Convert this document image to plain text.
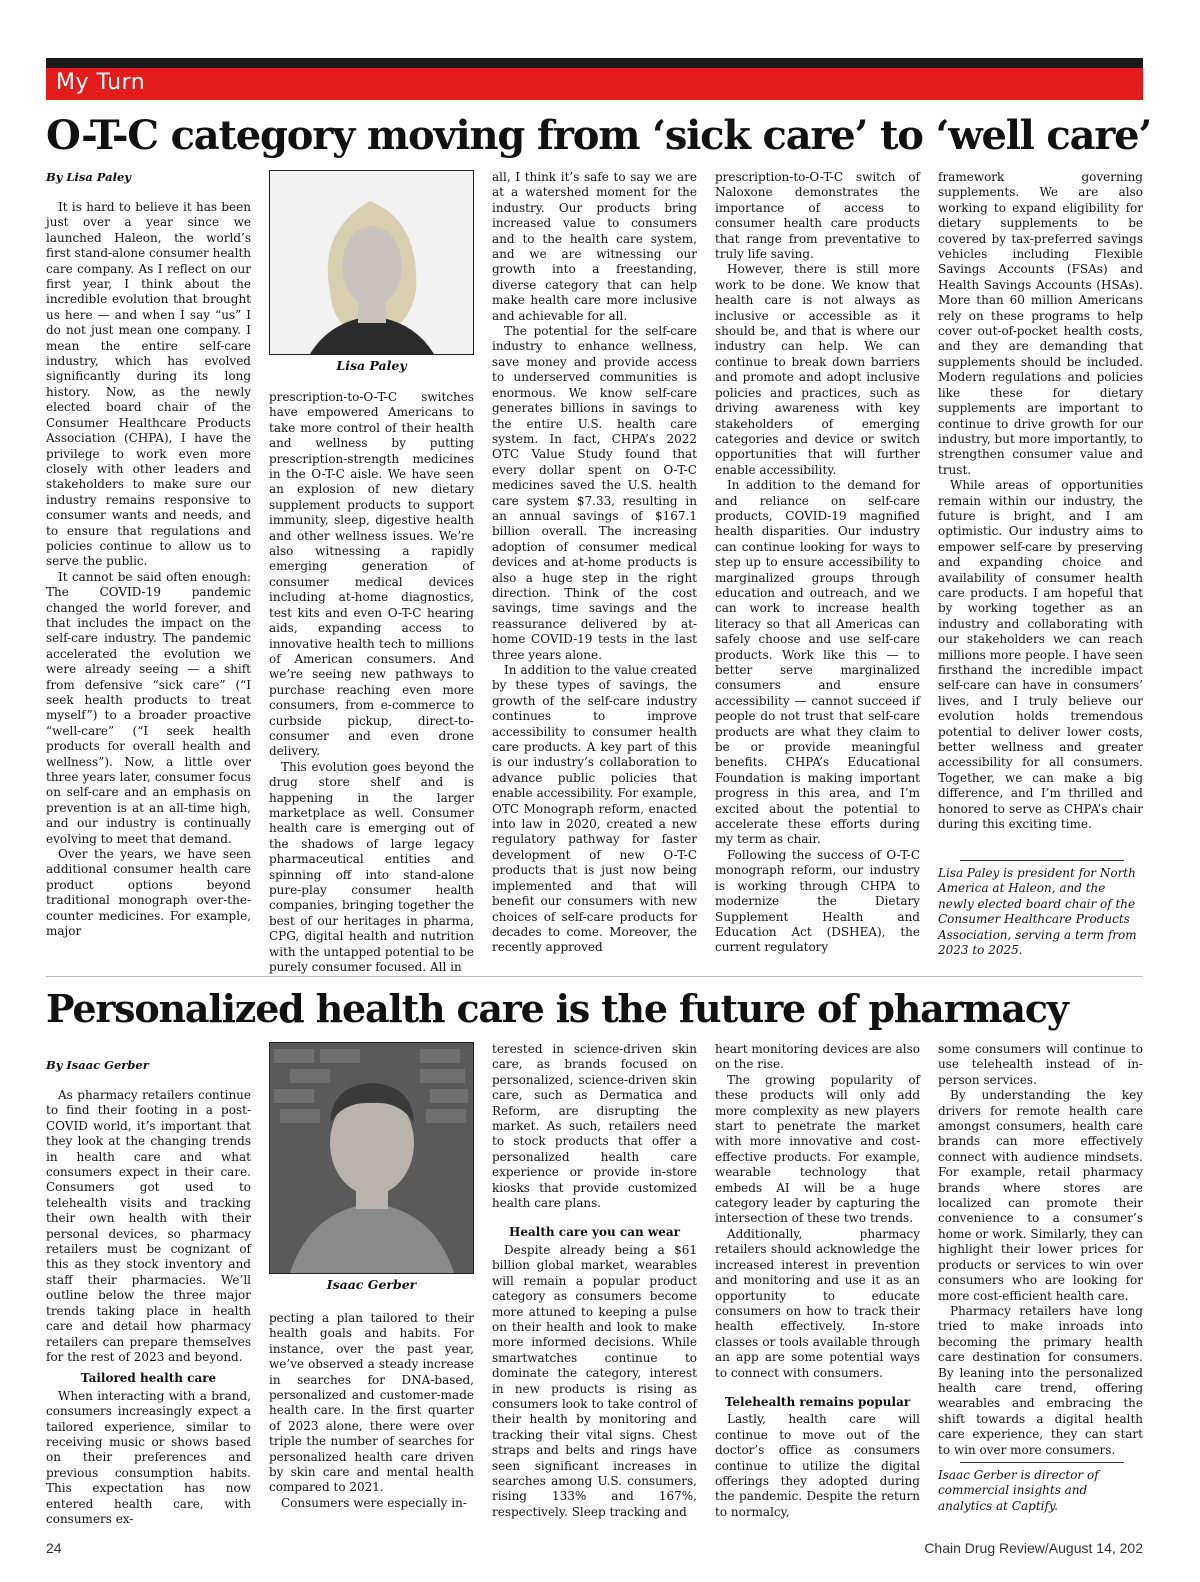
My Turn
O-T-C category moving from ‘sick care’ to ‘well care’
By Lisa Paley

It is hard to believe it has been just over a year since we launched Haleon, the world’s first stand-alone consumer health care company. As I reflect on our first year, I think about the incredible evolution that brought us here — and when I say “us” I do not just mean one company. I mean the entire self-care industry, which has evolved significantly during its long history. Now, as the newly elected board chair of the Consumer Healthcare Products Association (CHPA), I have the privilege to work even more closely with other leaders and stakeholders to make sure our industry remains responsive to consumer wants and needs, and to ensure that regulations and policies continue to allow us to serve the public.

It cannot be said often enough: The COVID-19 pandemic changed the world forever, and that includes the impact on the self-care industry. The pandemic accelerated the evolution we were already seeing — a shift from defensive “sick care” (“I seek health products to treat myself”) to a broader proactive “well-care” (“I seek health products for overall health and wellness”). Now, a little over three years later, consumer focus on self-care and an emphasis on prevention is at an all-time high, and our industry is continually evolving to meet that demand.

Over the years, we have seen additional consumer health care product options beyond traditional monograph over-the-counter medicines. For example, major

Lisa Paley

prescription-to-O-T-C switches have empowered Americans to take more control of their health and wellness by putting prescription-strength medicines in the O-T-C aisle. We have seen an explosion of new dietary supplement products to support immunity, sleep, digestive health and other wellness issues. We’re also witnessing a rapidly emerging generation of consumer medical devices including at-home diagnostics, test kits and even O-T-C hearing aids, expanding access to innovative health tech to millions of American consumers. And we’re seeing new pathways to purchase reaching even more consumers, from e-commerce to curbside pickup, direct-to-consumer and even drone delivery.

This evolution goes beyond the drug store shelf and is happening in the larger marketplace as well. Consumer health care is emerging out of the shadows of large legacy pharmaceutical entities and spinning off into stand-alone pure-play consumer health companies, bringing together the best of our heritages in pharma, CPG, digital health and nutrition with the untapped potential to be purely consumer focused. All in

all, I think it’s safe to say we are at a watershed moment for the industry. Our products bring increased value to consumers and to the health care system, and we are witnessing our growth into a freestanding, diverse category that can help make health care more inclusive and achievable for all.

The potential for the self-care industry to enhance wellness, save money and provide access to underserved communities is enormous. We know self-care generates billions in savings to the entire U.S. health care system. In fact, CHPA’s 2022 OTC Value Study found that every dollar spent on O-T-C medicines saved the U.S. health care system $7.33, resulting in an annual savings of $167.1 billion overall. The increasing adoption of consumer medical devices and at-home products is also a huge step in the right direction. Think of the cost savings, time savings and the reassurance delivered by at-home COVID-19 tests in the last three years alone.

In addition to the value created by these types of savings, the growth of the self-care industry continues to improve accessibility to consumer health care products. A key part of this is our industry’s collaboration to advance public policies that enable accessibility. For example, OTC Monograph reform, enacted into law in 2020, created a new regulatory pathway for faster development of new O-T-C products that is just now being implemented and that will benefit our consumers with new choices of self-care products for decades to come. Moreover, the recently approved

prescription-to-O-T-C switch of Naloxone demonstrates the importance of access to consumer health care products that range from preventative to truly life saving.

However, there is still more work to be done. We know that health care is not always as inclusive or accessible as it should be, and that is where our industry can help. We can continue to break down barriers and promote and adopt inclusive policies and practices, such as driving awareness with key stakeholders of emerging categories and device or switch opportunities that will further enable accessibility.

In addition to the demand for and reliance on self-care products, COVID-19 magnified health disparities. Our industry can continue looking for ways to step up to ensure accessibility to marginalized groups through education and outreach, and we can work to increase health literacy so that all Americas can safely choose and use self-care products. Work like this — to better serve marginalized consumers and ensure accessibility — cannot succeed if people do not trust that self-care products are what they claim to be or provide meaningful benefits. CHPA’s Educational Foundation is making important progress in this area, and I’m excited about the potential to accelerate these efforts during my term as chair.

Following the success of O-T-C monograph reform, our industry is working through CHPA to modernize the Dietary Supplement Health and Education Act (DSHEA), the current regulatory

framework governing supplements. We are also working to expand eligibility for dietary supplements to be covered by tax-preferred savings vehicles including Flexible Savings Accounts (FSAs) and Health Savings Accounts (HSAs). More than 60 million Americans rely on these programs to help cover out-of-pocket health costs, and they are demanding that supplements should be included. Modern regulations and policies like these for dietary supplements are important to continue to drive growth for our industry, but more importantly, to strengthen consumer value and trust.

While areas of opportunities remain within our industry, the future is bright, and I am optimistic. Our industry aims to empower self-care by preserving and expanding choice and availability of consumer health care products. I am hopeful that by working together as an industry and collaborating with our stakeholders we can reach millions more people. I have seen firsthand the incredible impact self-care can have in consumers’ lives, and I truly believe our evolution holds tremendous potential to deliver lower costs, better wellness and greater accessibility for all consumers. Together, we can make a big difference, and I’m thrilled and honored to serve as CHPA’s chair during this exciting time.

Lisa Paley is president for North America at Haleon, and the newly elected board chair of the Consumer Healthcare Products Association, serving a term from 2023 to 2025.
Personalized health care is the future of pharmacy
By Isaac Gerber

As pharmacy retailers continue to find their footing in a post-COVID world, it’s important that they look at the changing trends in health care and what consumers expect in their care. Consumers got used to telehealth visits and tracking their own health with their personal devices, so pharmacy retailers must be cognizant of this as they stock inventory and staff their pharmacies. We’ll outline below the three major trends taking place in health care and detail how pharmacy retailers can prepare themselves for the rest of 2023 and beyond.

Tailored health care

When interacting with a brand, consumers increasingly expect a tailored experience, similar to receiving music or shows based on their preferences and previous consumption habits. This expectation has now entered health care, with consumers ex-

Isaac Gerber

pecting a plan tailored to their health goals and habits. For instance, over the past year, we’ve observed a steady increase in searches for DNA-based, personalized and customer-made health care. In the first quarter of 2023 alone, there were over triple the number of searches for personalized health care driven by skin care and mental health compared to 2021.

Consumers were especially in-

terested in science-driven skin care, as brands focused on personalized, science-driven skin care, such as Dermatica and Reform, are disrupting the market. As such, retailers need to stock products that offer a personalized health care experience or provide in-store kiosks that provide customized health care plans.

Health care you can wear

Despite already being a $61 billion global market, wearables will remain a popular product category as consumers become more attuned to keeping a pulse on their health and look to make more informed decisions. While smartwatches continue to dominate the category, interest in new products is rising as consumers look to take control of their health by monitoring and tracking their vital signs. Chest straps and belts and rings have seen significant increases in searches among U.S. consumers, rising 133% and 167%, respectively. Sleep tracking and

heart monitoring devices are also on the rise.

The growing popularity of these products will only add more complexity as new players start to penetrate the market with more innovative and cost-effective products. For example, wearable technology that embeds AI will be a huge category leader by capturing the intersection of these two trends.

Additionally, pharmacy retailers should acknowledge the increased interest in prevention and monitoring and use it as an opportunity to educate consumers on how to track their health effectively. In-store classes or tools available through an app are some potential ways to connect with consumers.

Telehealth remains popular

Lastly, health care will continue to move out of the doctor’s office as consumers continue to utilize the digital offerings they adopted during the pandemic. Despite the return to normalcy,

some consumers will continue to use telehealth instead of in-person services.

By understanding the key drivers for remote health care amongst consumers, health care brands can more effectively connect with audience mindsets. For example, retail pharmacy brands where stores are localized can promote their convenience to a consumer’s home or work. Similarly, they can highlight their lower prices for products or services to win over consumers who are looking for more cost-efficient health care.

Pharmacy retailers have long tried to make inroads into becoming the primary health care destination for consumers. By leaning into the personalized health care trend, offering wearables and embracing the shift towards a digital health care experience, they can start to win over more consumers.

Isaac Gerber is director of commercial insights and analytics at Captify.
24	Chain Drug Review/August 14, 202
